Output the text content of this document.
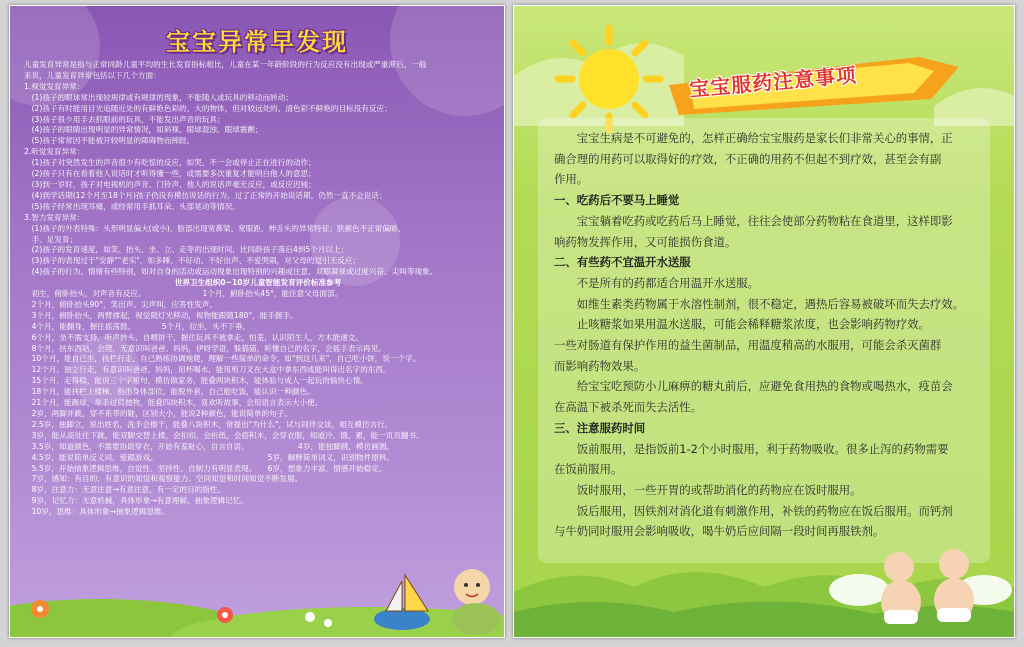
宝宝异常早发现

儿童发育异常是指与正常同龄儿童平均的生长发育指标相比，儿童在某一年龄阶段的行为反应没有出现或严重滞后。一般

来说，儿童发育异常包括以下几个方面：

1.视觉发育异常：

　(1)孩子的眼球常出现较规律或有规律的现象，不能随人或玩具的移动而转动；

　(2)孩子有时能用目光追随近处的有鲜艳色彩的、大的物体，但对较远处的、清色彩不鲜艳的目标没有反应；

　(3)孩子很少用手去抓眼前的玩具，不能发出声音的玩具；

　(4)孩子的眼睛出现明显的异常情况，如斜视、眼球混浊、眼球震颤；

　(5)孩子常常因不能被开较明显的障碍物而摔跤。

2.听觉发育异常：

　(1)孩子对突然发生的声音很少有吃惊的反应，如哭、不一会或停止正在进行的动作；

　(2)孩子只有在看着他人说话时才听得懂一些，或需要多次重复才能明白他人的意思；

　(3)到一岁时，孩子对电视机的声音、门铃声、他人的说话声毫无反应，或反应迟钝；

　(4)到学话期(12个月至18个月)孩子仍没有模仿说话的行为，过了正常的开始说话期，仍然一直不会说话；

　(5)孩子经常出现耳痛，或经常用手抓耳朵、头部晃动等情况。

3.智力发育异常：

　(1)孩子的外表特殊：头形明显偏大(或小)，脸部出现宽鼻梁、宽眼距、伸舌头的异常特征；肤颜色不正常偏暗、

　手、足发育；

　(2)孩子的发育速度，如笑、抬头、坐、立、走等的出现时间，比同龄孩子落后4到5个月以上；

　(3)孩子的表现过于"安静""老实"，如多睡、不好动、不好出声、不爱哭闹，对父母的逗引无反应；

　(4)孩子的行为、情绪有些特别，如对自身的活动或运动现象出现特别的兴趣或注意、双眼凝视或过度兴奋、尖叫等现象。

世界卫生组织0~10岁儿童智能发育评价标准参考

　初生，俯卧抬头，对声音有反应。　　　　　　　　1个月，俯卧抬头45°，能注意父母面部。

　2个月，俯卧抬头90°，笑出声、尖声叫，应答性发声。

　3个月，俯卧抬头，两臂撑起，视觉随灯光移动，视物能跟随180°，能手握手。

　4个月，能翻身，握住摇荡鼓。　　　　5个月，拉坐，头不下垂。

　6个月，坐不需支持，听声转头，自喂饼干，握住玩具不被拿走，怕羞，认识陌生人，方木能递交。

　8个月，扶东西站，会爬，无意识叫爸爸、妈妈，伊呀学语，躲猫猫，听懂自己的名字，会摇手表示再见。

　10个月，能自己坐，扶栏行走，自己熟练协调地爬，理解一些简单的命令，如"到这儿来"，自己吃小饼，说一个字。

　12个月，独立行走，有意识叫爸爸、妈妈，用杯喝水，能用剪刀叉在大盒中拿东西或能叫得出名字的东西。

　15个月，走得稳，能说三个字短句，模仿做家务，能叠两块积木，能体验与成人一起玩的愉快心情。

　18个月，能扶栏上楼梯，指出身体部位，能脱外套，自己能吃饭，能认识一种颜色。

　21个月，能踢球，举手过肩抛物，能叠四块积木，喜欢听故事，会用语言表示大小便。

　2岁，两脚并跳，穿不系带的鞋，区别大小，能说2种颜色，能说简单的句子。

　2.5岁，独脚立，说出姓名，洗手会擦干，能叠八块积木，常提出"为什么"，试与同伴交谈，相互模仿言行。

　3岁，能从高处往下跳，能双脚交替上楼，会扣扣，会折纸，会搭积木，会穿衣服，知道冷、饿、累，能一页页翻书。

　3.5岁，知道颜色，不需要协助穿衣，开始有羞耻心，自言自语。　　　　　　　4岁，能独脚跳，模仿画圆。

　4.5岁，能说简单反义词，爱跟游戏。　　　　　　　　　　　　　　　5岁，解释简单词义，识别物件原料。

　5.5岁，开始抽象逻辑思维，自觉性、坚持性、自制力有明显表现。　　6岁，想象力丰富，情感开始稳定。

　7岁，感知：有目的、有意识的知觉和观察能力。空间知觉和时间知觉不断发展。

　8岁，注意力：无意注意→有意注意，有一定的目的指性。

　9岁，记忆力：无意机械，具体形象→有意理解，抽象逻辑记忆。

　10岁，思维：具体形象→抽象逻辑思维。

宝宝服药注意事项

　　宝宝生病是不可避免的，怎样正确给宝宝服药是家长们非常关心的事情，正

确合理的用药可以取得好的疗效，不正确的用药不但起不到疗效，甚至会有副

作用。

一、吃药后不要马上睡觉

　　宝宝躺着吃药或吃药后马上睡觉，往往会使部分药物粘在食道里，这样即影

响药物发挥作用，又可能损伤食道。

二、有些药不宜温开水送服

　　不是所有的药都适合用温开水送服。

　　如维生素类药物属于水溶性制剂，很不稳定，遇热后容易被破坏而失去疗效。

　　止咳糖浆如果用温水送服，可能会稀释糖浆浓度，也会影响药物疗效。

一些对肠道有保护作用的益生菌制品，用温度稍高的水服用，可能会杀灭菌群

而影响药物效果。

　　给宝宝吃预防小儿麻痹的糖丸前后，应避免食用热的食物或喝热水，疫苗会

在高温下被杀死而失去活性。

三、注意服药时间

　　饭前服用，是指饭前1-2个小时服用，利于药物吸收。很多止泻的药物需要

在饭前服用。

　　饭时服用，一些开胃的或帮助消化的药物应在饭时服用。

　　饭后服用，因铁剂对消化道有刺激作用，补铁的药物应在饭后服用。而钙剂

与牛奶同时服用会影响吸收，喝牛奶后应间隔一段时间再服铁剂。
